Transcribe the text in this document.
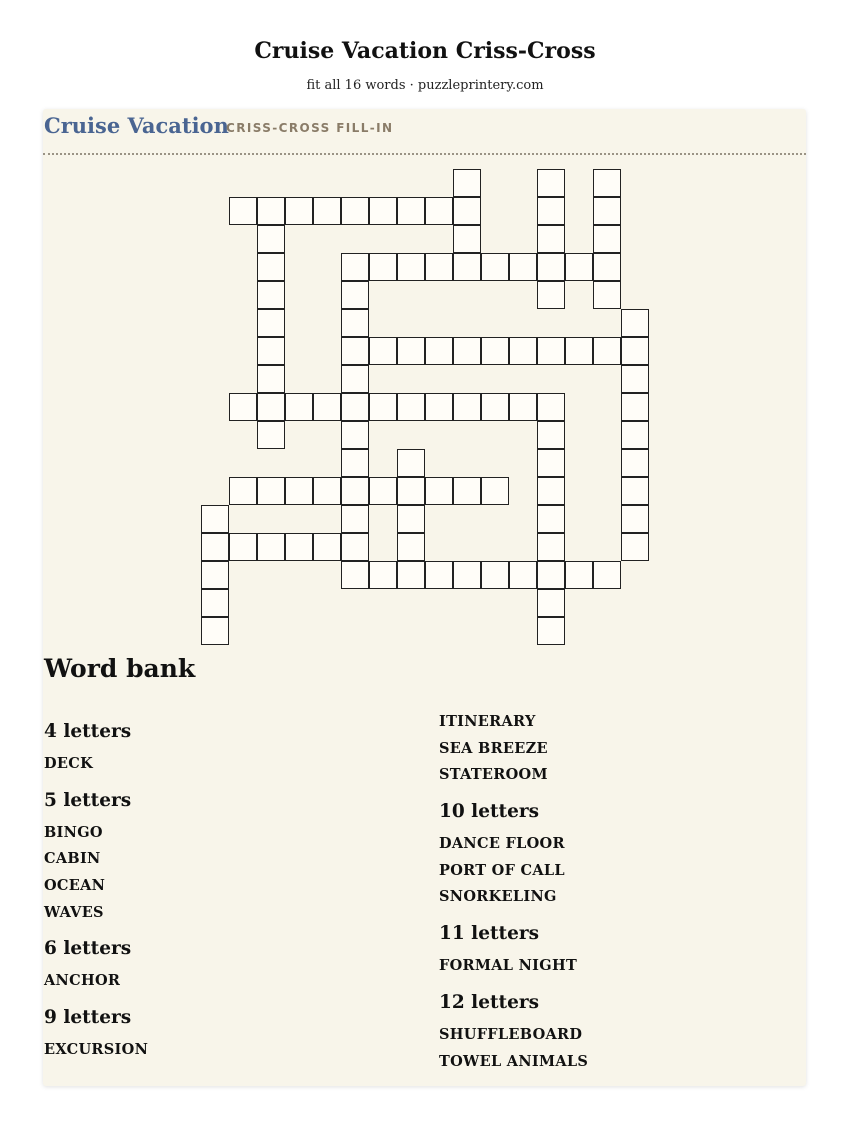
Cruise Vacation Criss-Cross
fit all 16 words · puzzleprintery.com
Cruise Vacation
CRISS-CROSS FILL-IN
Word bank
4 letters
DECK
5 letters
BINGO
CABIN
OCEAN
WAVES
6 letters
ANCHOR
9 letters
EXCURSION
ITINERARY
SEA BREEZE
STATEROOM
10 letters
DANCE FLOOR
PORT OF CALL
SNORKELING
11 letters
FORMAL NIGHT
12 letters
SHUFFLEBOARD
TOWEL ANIMALS
